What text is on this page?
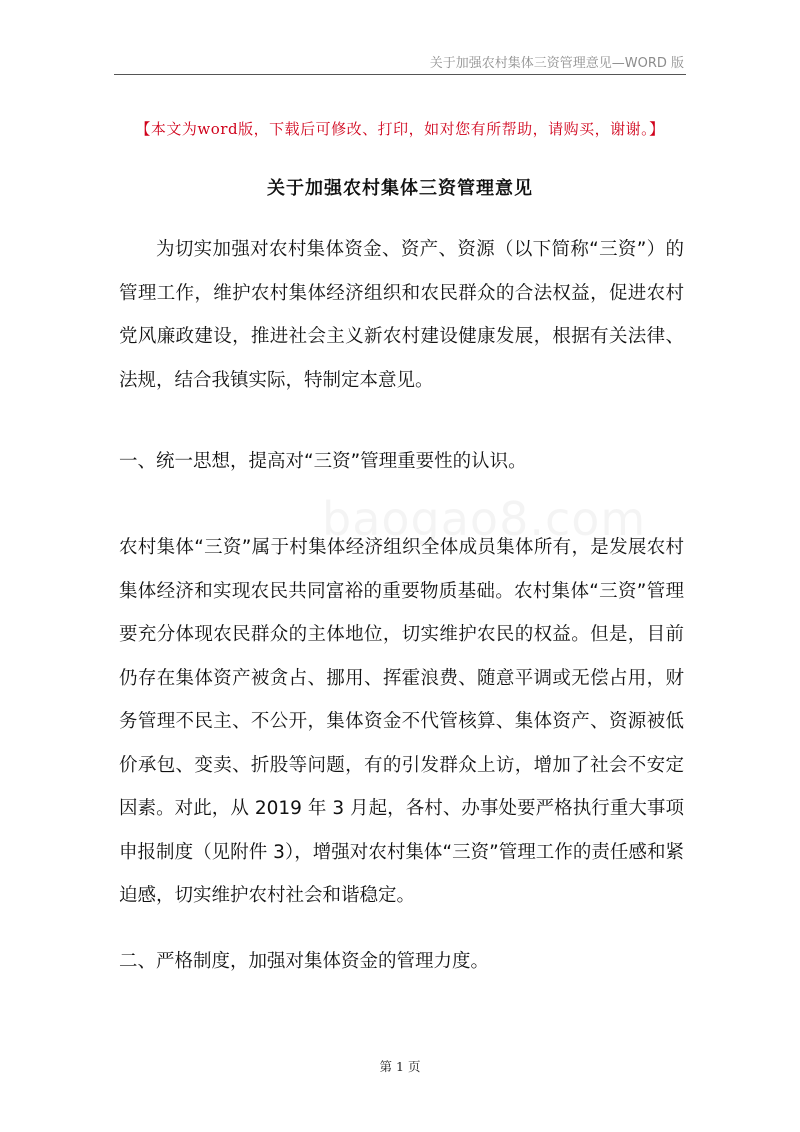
关于加强农村集体三资管理意见—WORD 版
【本文为word版，下载后可修改、打印，如对您有所帮助，请购买，谢谢。】
关于加强农村集体三资管理意见
为切实加强对农村集体资金、资产、资源（以下简称“三资”）的管理工作，维护农村集体经济组织和农民群众的合法权益，促进农村党风廉政建设，推进社会主义新农村建设健康发展，根据有关法律、法规，结合我镇实际，特制定本意见。
一、统一思想，提高对“三资”管理重要性的认识。
农村集体“三资”属于村集体经济组织全体成员集体所有，是发展农村集体经济和实现农民共同富裕的重要物质基础。农村集体“三资”管理要充分体现农民群众的主体地位，切实维护农民的权益。但是，目前仍存在集体资产被贪占、挪用、挥霍浪费、随意平调或无偿占用，财务管理不民主、不公开，集体资金不代管核算、集体资产、资源被低价承包、变卖、折股等问题，有的引发群众上访，增加了社会不安定因素。对此，从 2019 年 3 月起，各村、办事处要严格执行重大事项申报制度（见附件 3），增强对农村集体“三资”管理工作的责任感和紧迫感，切实维护农村社会和谐稳定。
二、严格制度，加强对集体资金的管理力度。
第 1 页
